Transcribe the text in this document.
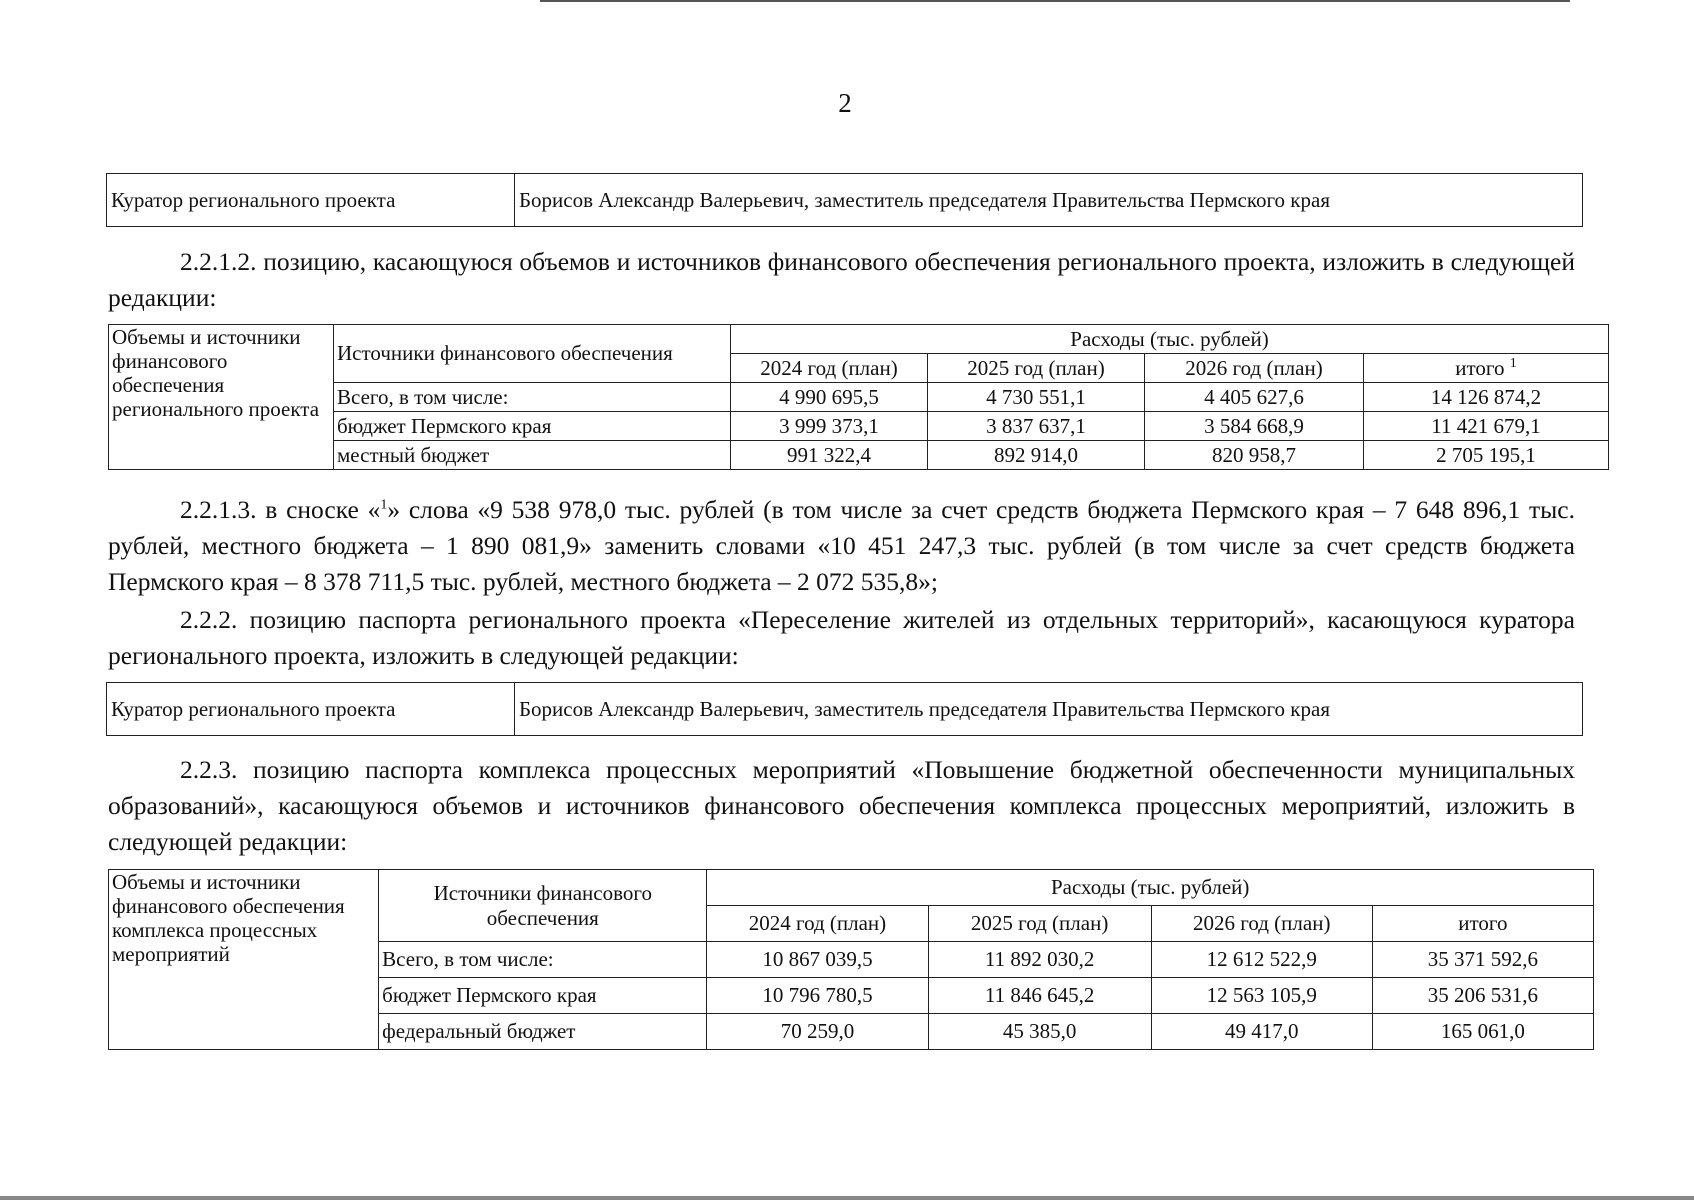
2
Куратор регионального проекта	Борисов Александр Валерьевич, заместитель председателя Правительства Пермского края

2.2.1.2. позицию, касающуюся объемов и источников финансового обеспечения регионального проекта, изложить в следующей редакции:

Объемы и источники финансового обеспечения регионального проекта	Источники финансового обеспечения	Расходы (тыс. рублей)			
		2024 год (план)	2025 год (план)	2026 год (план)	итого $^1$
	Всего, в том числе:	4 990 695,5	4 730 551,1	4 405 627,6	14 126 874,2
	бюджет Пермского края	3 999 373,1	3 837 637,1	3 584 668,9	11 421 679,1
	местный бюджет	991 322,4	892 914,0	820 958,7	2 705 195,1

2.2.1.3. в сноске «$^1$» слова «9 538 978,0 тыс. рублей (в том числе за счет средств бюджета Пермского края – 7 648 896,1 тыс. рублей, местного бюджета – 1 890 081,9» заменить словами «10 451 247,3 тыс. рублей (в том числе за счет средств бюджета Пермского края – 8 378 711,5 тыс. рублей, местного бюджета – 2 072 535,8»;

2.2.2. позицию паспорта регионального проекта «Переселение жителей из отдельных территорий», касающуюся куратора регионального проекта, изложить в следующей редакции:

Куратор регионального проекта	Борисов Александр Валерьевич, заместитель председателя Правительства Пермского края

2.2.3. позицию паспорта комплекса процессных мероприятий «Повышение бюджетной обеспеченности муниципальных образований», касающуюся объемов и источников финансового обеспечения комплекса процессных мероприятий, изложить в следующей редакции:

Объемы и источники финансового обеспечения комплекса процессных мероприятий	Источники финансового обеспечения	Расходы (тыс. рублей)			
		2024 год (план)	2025 год (план)	2026 год (план)	итого
	Всего, в том числе:	10 867 039,5	11 892 030,2	12 612 522,9	35 371 592,6
	бюджет Пермского края	10 796 780,5	11 846 645,2	12 563 105,9	35 206 531,6
	федеральный бюджет	70 259,0	45 385,0	49 417,0	165 061,0
